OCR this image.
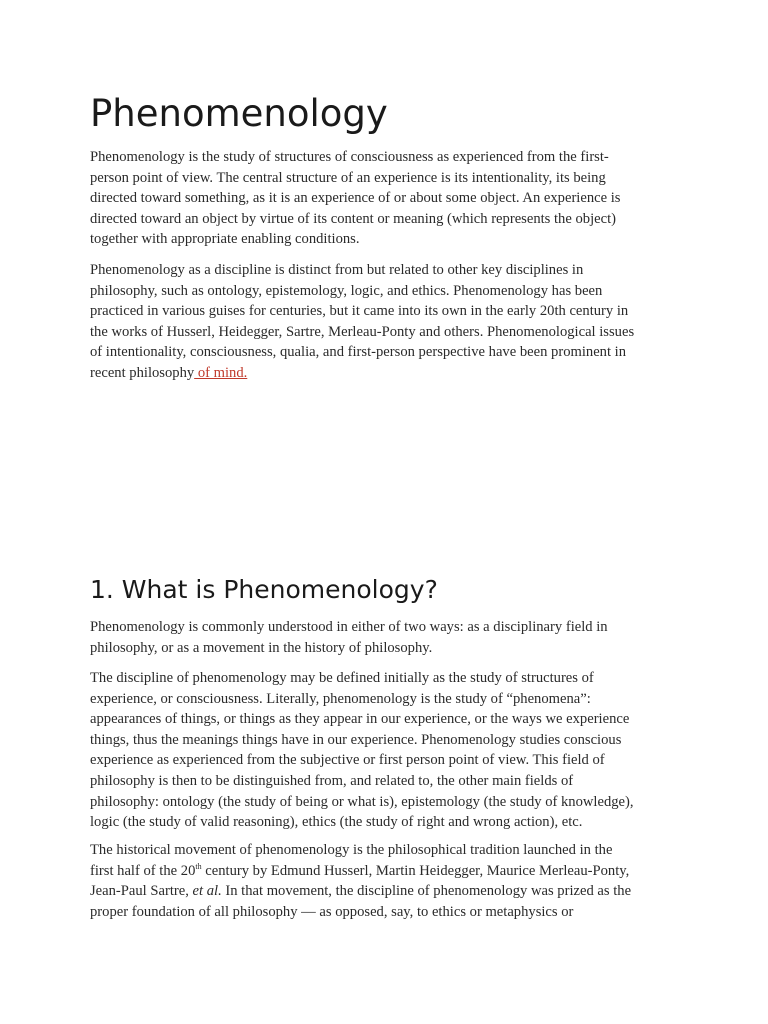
Phenomenology

Phenomenology is the study of structures of consciousness as experienced from the first-
person point of view. The central structure of an experience is its intentionality, its being
directed toward something, as it is an experience of or about some object. An experience is
directed toward an object by virtue of its content or meaning (which represents the object)
together with appropriate enabling conditions.

Phenomenology as a discipline is distinct from but related to other key disciplines in
philosophy, such as ontology, epistemology, logic, and ethics. Phenomenology has been
practiced in various guises for centuries, but it came into its own in the early 20th century in
the works of Husserl, Heidegger, Sartre, Merleau-Ponty and others. Phenomenological issues
of intentionality, consciousness, qualia, and first-person perspective have been prominent in
recent philosophy of mind.

1. What is Phenomenology?

Phenomenology is commonly understood in either of two ways: as a disciplinary field in
philosophy, or as a movement in the history of philosophy.

The discipline of phenomenology may be defined initially as the study of structures of
experience, or consciousness. Literally, phenomenology is the study of “phenomena”:
appearances of things, or things as they appear in our experience, or the ways we experience
things, thus the meanings things have in our experience. Phenomenology studies conscious
experience as experienced from the subjective or first person point of view. This field of
philosophy is then to be distinguished from, and related to, the other main fields of
philosophy: ontology (the study of being or what is), epistemology (the study of knowledge),
logic (the study of valid reasoning), ethics (the study of right and wrong action), etc.

The historical movement of phenomenology is the philosophical tradition launched in the
first half of the 20th century by Edmund Husserl, Martin Heidegger, Maurice Merleau-Ponty,
Jean-Paul Sartre, et al. In that movement, the discipline of phenomenology was prized as the
proper foundation of all philosophy — as opposed, say, to ethics or metaphysics or
